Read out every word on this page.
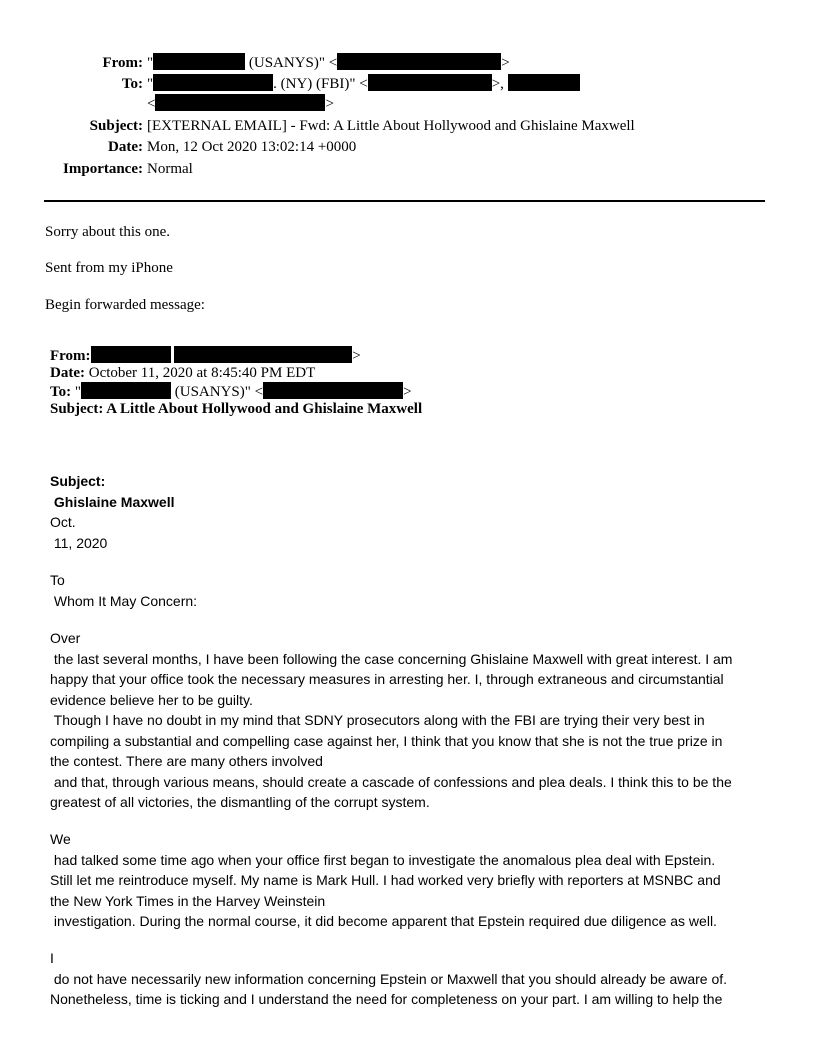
From: "	(USANYS)" <	>
To: "	. (NY) (FBI)" <	>,
<	>
Subject: [EXTERNAL EMAIL] - Fwd: A Little About Hollywood and Ghislaine Maxwell
Date: Mon, 12 Oct 2020 13:02:14 +0000
Importance: Normal
Sorry about this one.
Sent from my iPhone
Begin forwarded message:
From:	>
Date: October 11, 2020 at 8:45:40 PM EDT
To: "	(USANYS)" <	>
Subject: A Little About Hollywood and Ghislaine Maxwell
Subject:
Ghislaine Maxwell
Oct.
11, 2020
To
Whom It May Concern:
Over
the last several months, I have been following the case concerning Ghislaine Maxwell with great interest. I am
happy that your office took the necessary measures in arresting her. I, through extraneous and circumstantial
evidence believe her to be guilty.
Though I have no doubt in my mind that SDNY prosecutors along with the FBI are trying their very best in
compiling a substantial and compelling case against her, I think that you know that she is not the true prize in
the contest. There are many others involved
and that, through various means, should create a cascade of confessions and plea deals. I think this to be the
greatest of all victories, the dismantling of the corrupt system.
We
had talked some time ago when your office first began to investigate the anomalous plea deal with Epstein.
Still let me reintroduce myself. My name is Mark Hull. I had worked very briefly with reporters at MSNBC and
the New York Times in the Harvey Weinstein
investigation. During the normal course, it did become apparent that Epstein required due diligence as well.
I
do not have necessarily new information concerning Epstein or Maxwell that you should already be aware of.
Nonetheless, time is ticking and I understand the need for completeness on your part. I am willing to help the
